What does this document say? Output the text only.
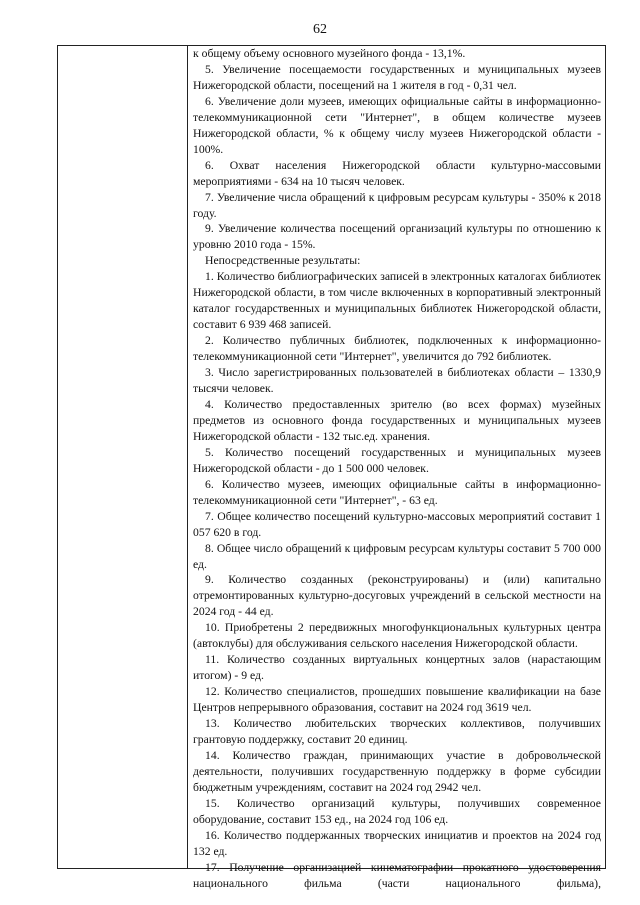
62

к общему объему основного музейного фонда - 13,1%.

5. Увеличение посещаемости государственных и муниципальных музеев Нижегородской области, посещений на 1 жителя в год - 0,31 чел.

6. Увеличение доли музеев, имеющих официальные сайты в информационно-телекоммуникационной сети "Интернет", в общем количестве музеев Нижегородской области, % к общему числу музеев Нижегородской области - 100%.

6. Охват населения Нижегородской области культурно-массовыми мероприятиями - 634 на 10 тысяч человек.

7. Увеличение числа обращений к цифровым ресурсам культуры - 350% к 2018 году.

9. Увеличение количества посещений организаций культуры по отношению к уровню 2010 года - 15%.

Непосредственные результаты:

1. Количество библиографических записей в электронных каталогах библиотек Нижегородской области, в том числе включенных в корпоративный электронный каталог государственных и муниципальных библиотек Нижегородской области, составит 6 939 468 записей.

2. Количество публичных библиотек, подключенных к информационно-телекоммуникационной сети "Интернет", увеличится до 792 библиотек.

3. Число зарегистрированных пользователей в библиотеках области – 1330,9 тысячи человек.

4. Количество предоставленных зрителю (во всех формах) музейных предметов из основного фонда государственных и муниципальных музеев Нижегородской области - 132 тыс.ед. хранения.

5. Количество посещений государственных и муниципальных музеев Нижегородской области - до 1 500 000 человек.

6. Количество музеев, имеющих официальные сайты в информационно-телекоммуникационной сети "Интернет", - 63 ед.

7. Общее количество посещений культурно-массовых мероприятий составит 1 057 620 в год.

8. Общее число обращений к цифровым ресурсам культуры составит 5 700 000 ед.

9. Количество созданных (реконструированы) и (или) капитально отремонтированных культурно-досуговых учреждений в сельской местности на 2024 год - 44 ед.

10. Приобретены 2 передвижных многофункциональных культурных центра (автоклубы) для обслуживания сельского населения Нижегородской области.

11. Количество созданных виртуальных концертных залов (нарастающим итогом) - 9 ед.

12. Количество специалистов, прошедших повышение квалификации на базе Центров непрерывного образования, составит на 2024 год 3619 чел.

13. Количество любительских творческих коллективов, получивших грантовую поддержку, составит 20 единиц.

14. Количество граждан, принимающих участие в добровольческой деятельности, получивших государственную поддержку в форме субсидии бюджетным учреждениям, составит на 2024 год 2942 чел.

15. Количество организаций культуры, получивших современное оборудование, составит 153 ед., на 2024 год 106 ед.

16. Количество поддержанных творческих инициатив и проектов на 2024 год 132 ед.

17. Получение организацией кинематографии прокатного удостоверения национального фильма (части национального фильма),
